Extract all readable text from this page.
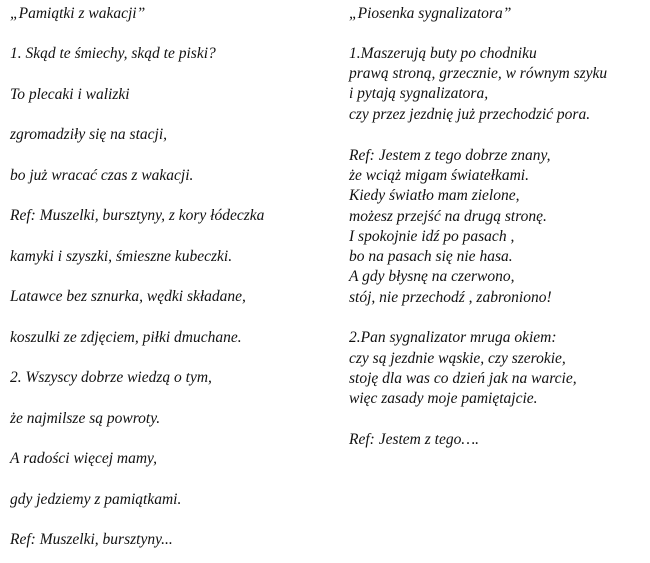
„Pamiątki z wakacji”
1. Skąd te śmiechy, skąd te piski?
To plecaki i walizki
zgromadziły się na stacji,
bo już wracać czas z wakacji.
Ref: Muszelki, bursztyny, z kory łódeczka
kamyki i szyszki, śmieszne kubeczki.
Latawce bez sznurka, wędki składane,
koszulki ze zdjęciem, piłki dmuchane.
2. Wszyscy dobrze wiedzą o tym,
że najmilsze są powroty.
A radości więcej mamy,
gdy jedziemy z pamiątkami.
Ref: Muszelki, bursztyny...
„Piosenka sygnalizatora”
1.Maszerują buty po chodniku
prawą stroną, grzecznie, w równym szyku
i pytają sygnalizatora,
czy przez jezdnię już przechodzić pora.
Ref: Jestem z tego dobrze znany,
że wciąż migam światełkami.
Kiedy światło mam zielone,
możesz przejść na drugą stronę.
I spokojnie idź po pasach ,
bo na pasach się nie hasa.
A gdy błysnę na czerwono,
stój, nie przechodź , zabroniono!
2.Pan sygnalizator mruga okiem:
czy są jezdnie wąskie, czy szerokie,
stoję dla was co dzień jak na warcie,
więc zasady moje pamiętajcie.
Ref: Jestem z tego….
